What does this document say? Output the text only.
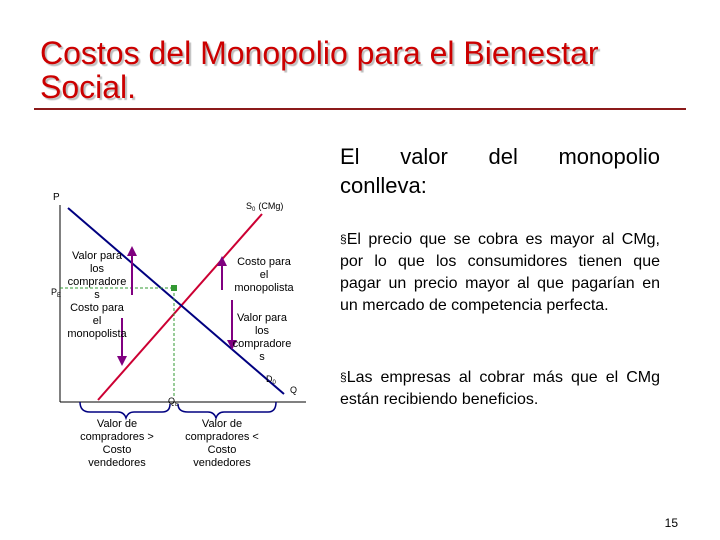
Costos del Monopolio para el Bienestar
Social.
P
Q
$S_0$ (CMg)
$D_0$
$P_E$
$Q_E$
Valor para
los
compradore
s
Costo para
el
monopolista
Costo para
el
monopolista
Valor para
los
compradore
s
Valor de
compradores >
Costo
vendedores
Valor de
compradores <
Costo
vendedores
El valor del monopolio
conlleva:
§El precio que se cobra es mayor al CMg, por lo que los consumidores tienen que pagar un precio mayor al que pagarían en un mercado de competencia perfecta.
§Las empresas al cobrar más que el CMg están recibiendo beneficios.
15
